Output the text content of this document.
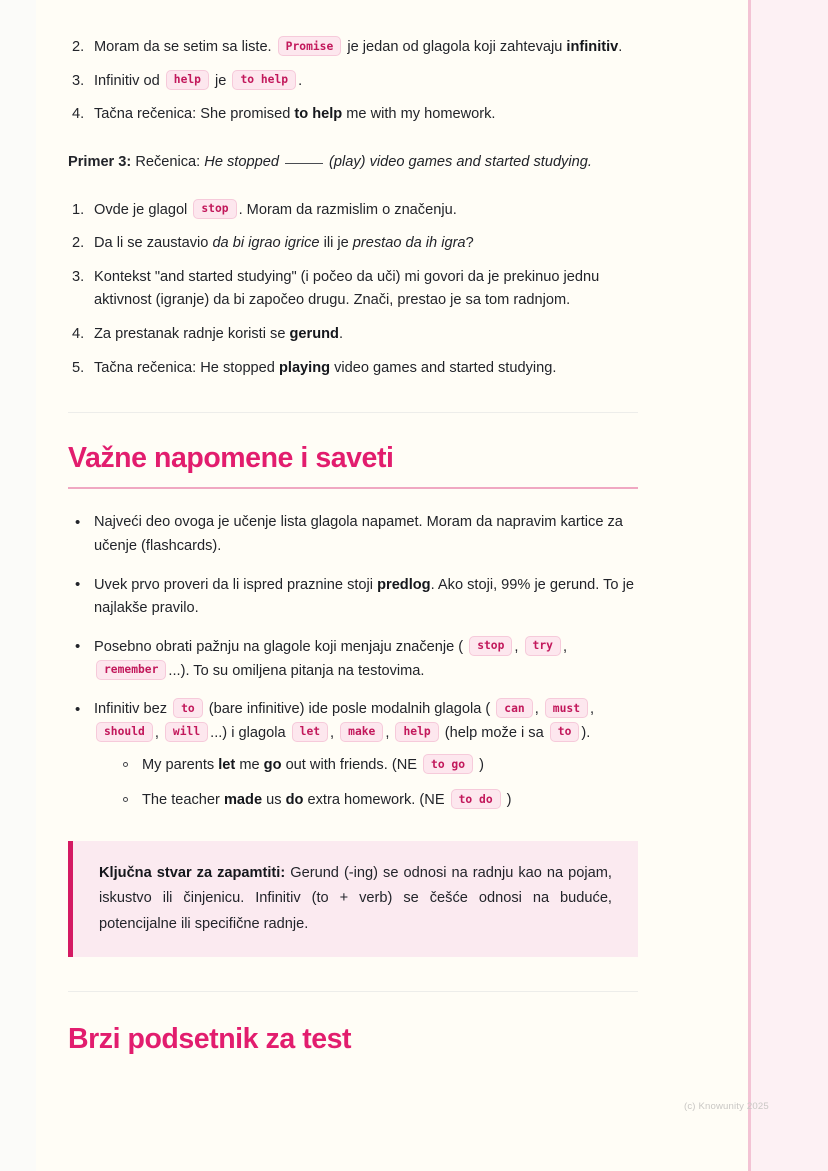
2. Moram da se setim sa liste. Promise je jedan od glagola koji zahtevaju infinitiv.
3. Infinitiv od help je to help .
4. Tačna rečenica: She promised to help me with my homework.

Primer 3: Rečenica: He stopped	(play) video games and started studying.

1. Ovde je glagol stop . Moram da razmislim o značenju.
2. Da li se zaustavio da bi igrao igrice ili je prestao da ih igra?
3. Kontekst "and started studying" (i počeo da uči) mi govori da je prekinuo jednu aktivnost (igranje) da bi započeo drugu. Znači, prestao je sa tom radnjom.
4. Za prestanak radnje koristi se gerund.
5. Tačna rečenica: He stopped playing video games and started studying.
Važne napomene i saveti
• Najveći deo ovoga je učenje lista glagola napamet. Moram da napravim kartice za učenje (flashcards).
• Uvek prvo proveri da li ispred praznine stoji predlog. Ako stoji, 99% je gerund. To je najlakše pravilo.
• Posebno obrati pažnju na glagole koji menjaju značenje ( stop , try , remember ...). To su omiljena pitanja na testovima.
• Infinitiv bez to (bare infinitive) ide posle modalnih glagola ( can , must , should , will ...) i glagola let , make , help (help može i sa to ).
My parents let me go out with friends. (NE to go )
The teacher made us do extra homework. (NE to do )
Ključna stvar za zapamtiti: Gerund (-ing) se odnosi na radnju kao na pojam, iskustvo ili činjenicu. Infinitiv (to + verb) se češće odnosi na buduće, potencijalne ili specifične radnje.
Brzi podsetnik za test
(c) Knowunity 2025
